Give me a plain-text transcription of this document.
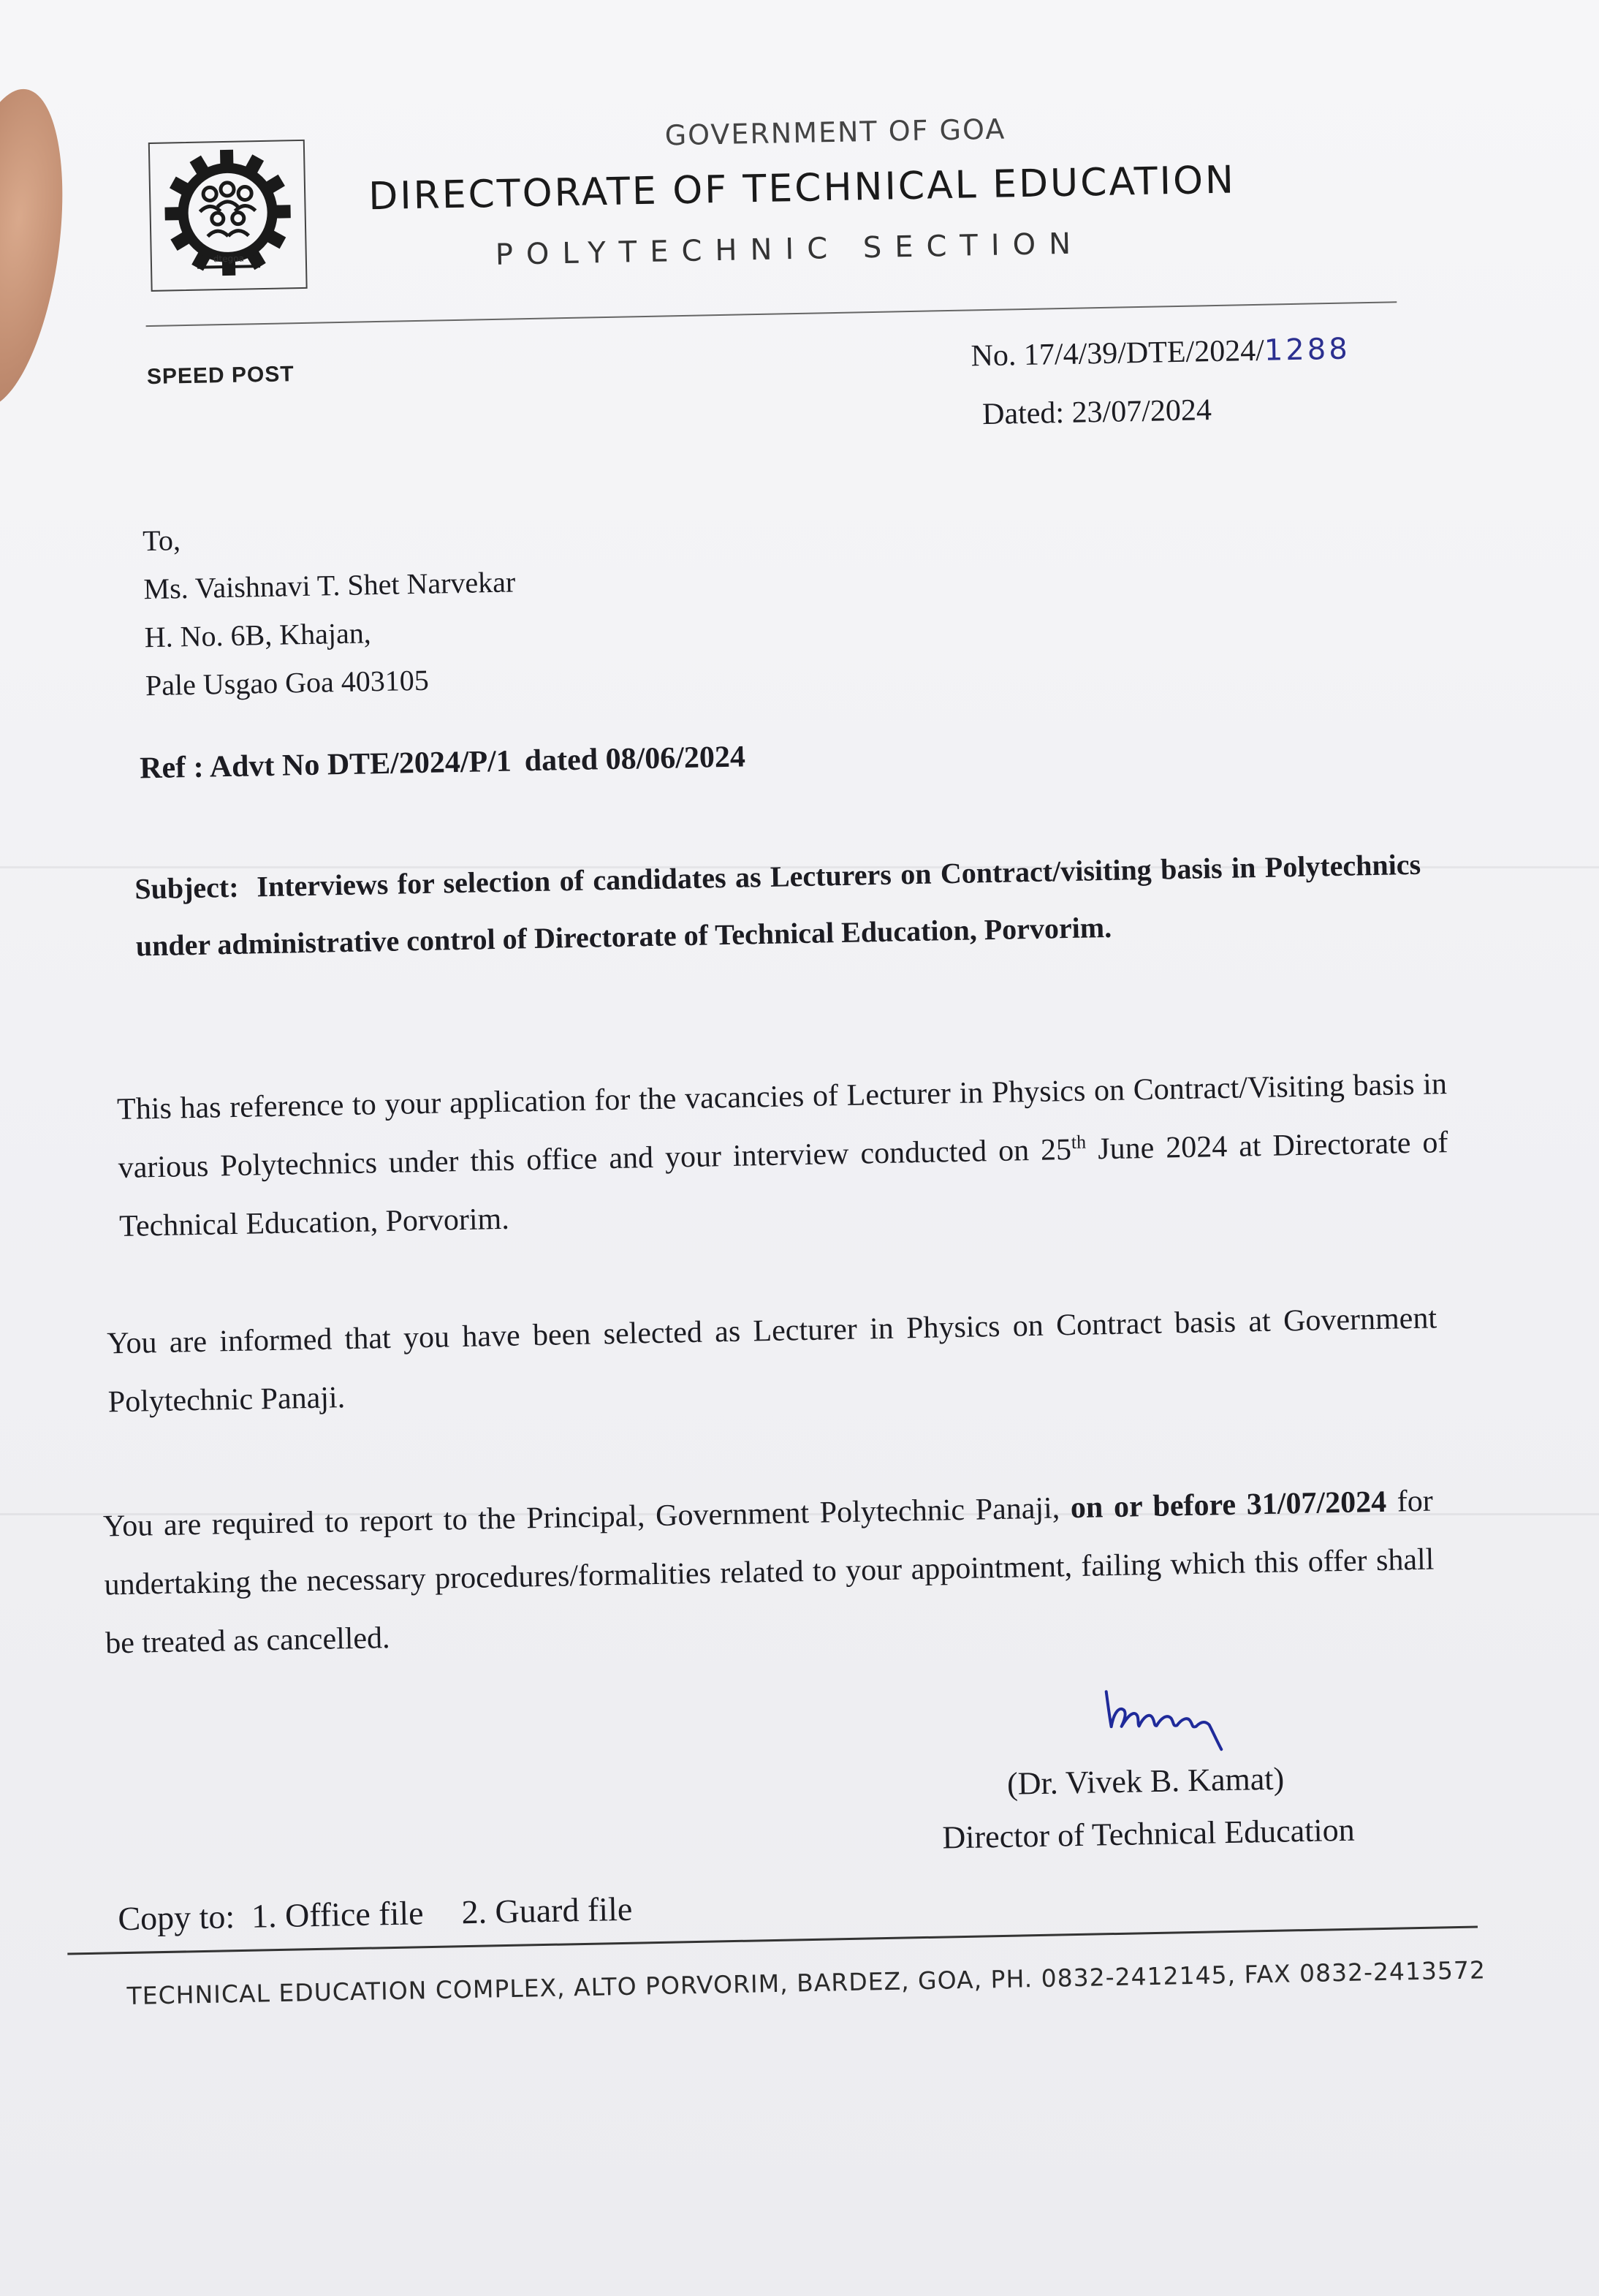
dtegoa
GOVERNMENT OF GOA
DIRECTORATE OF TECHNICAL EDUCATION
POLYTECHNIC SECTION
SPEED POST
No. 17/4/39/DTE/2024/1288
Dated: 23/07/2024
To,
Ms. Vaishnavi T. Shet Narvekar
H. No. 6B, Khajan,
Pale Usgao Goa 403105
Ref : Advt No DTE/2024/P/1 dated 08/06/2024
Subject: Interviews for selection of candidates as Lecturers on Contract/visiting basis in Polytechnics under administrative control of Directorate of Technical Education, Porvorim.
This has reference to your application for the vacancies of Lecturer in Physics on Contract/Visiting basis in various Polytechnics under this office and your interview conducted on 25th June 2024 at Directorate of Technical Education, Porvorim.
You are informed that you have been selected as Lecturer in Physics on Contract basis at Government Polytechnic Panaji.
You are required to report to the Principal, Government Polytechnic Panaji, on or before 31/07/2024 for undertaking the necessary procedures/formalities related to your appointment, failing which this offer shall be treated as cancelled.
(Dr. Vivek B. Kamat)
Director of Technical Education
Copy to: 1. Office file 2. Guard file
TECHNICAL EDUCATION COMPLEX, ALTO PORVORIM, BARDEZ, GOA, PH. 0832-2412145, FAX 0832-2413572
